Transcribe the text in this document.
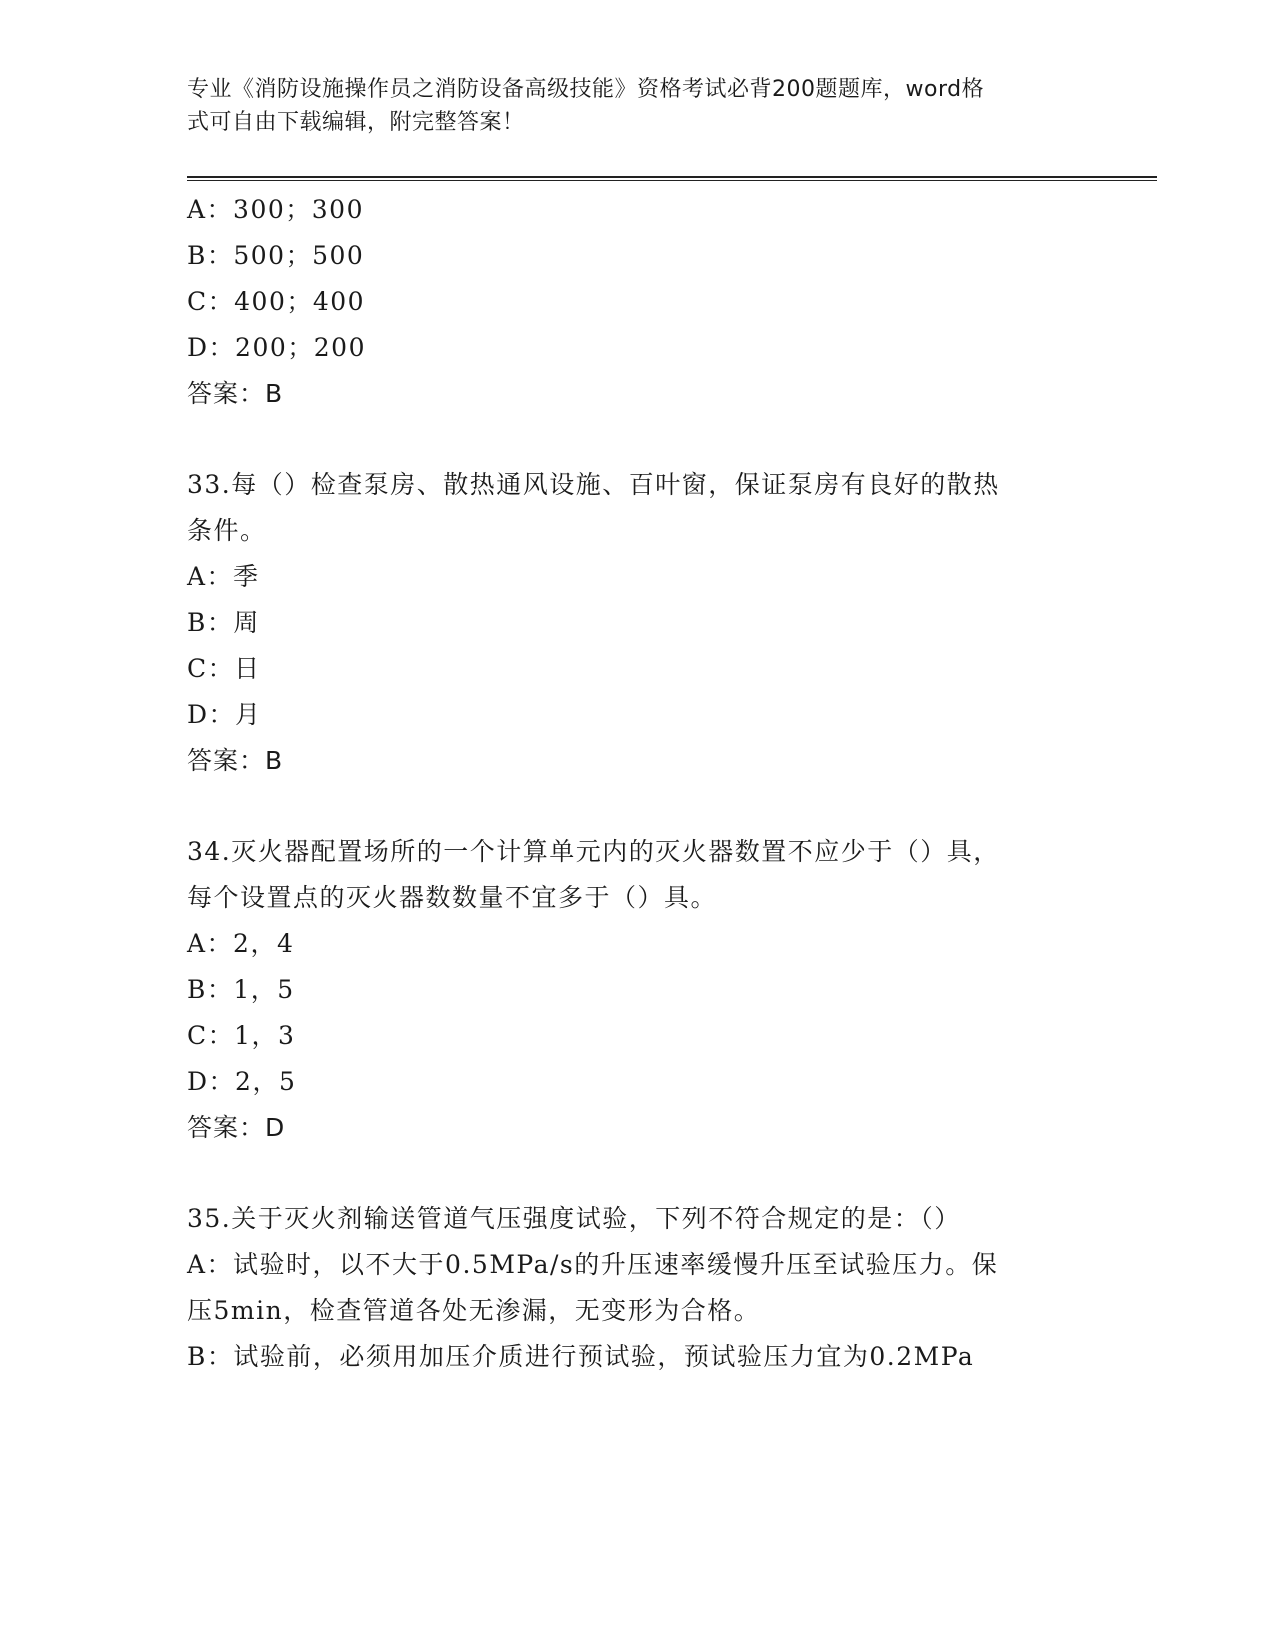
专业《消防设施操作员之消防设备高级技能》资格考试必背200题题库，word格
式可自由下载编辑，附完整答案！
A：300；300
B：500；500
C：400；400
D：200；200
答案：B
33.每（）检查泵房、散热通风设施、百叶窗，保证泵房有良好的散热
条件。
A：季
B：周
C：日
D：月
答案：B
34.灭火器配置场所的一个计算单元内的灭火器数置不应少于（）具，
每个设置点的灭火器数数量不宜多于（）具。
A：2，4
B：1，5
C：1，3
D：2，5
答案：D
35.关于灭火剂输送管道气压强度试验，下列不符合规定的是：（）
A：试验时，以不大于0.5MPa/s的升压速率缓慢升压至试验压力。保
压5min，检查管道各处无渗漏，无变形为合格。
B：试验前，必须用加压介质进行预试验，预试验压力宜为0.2MPa
